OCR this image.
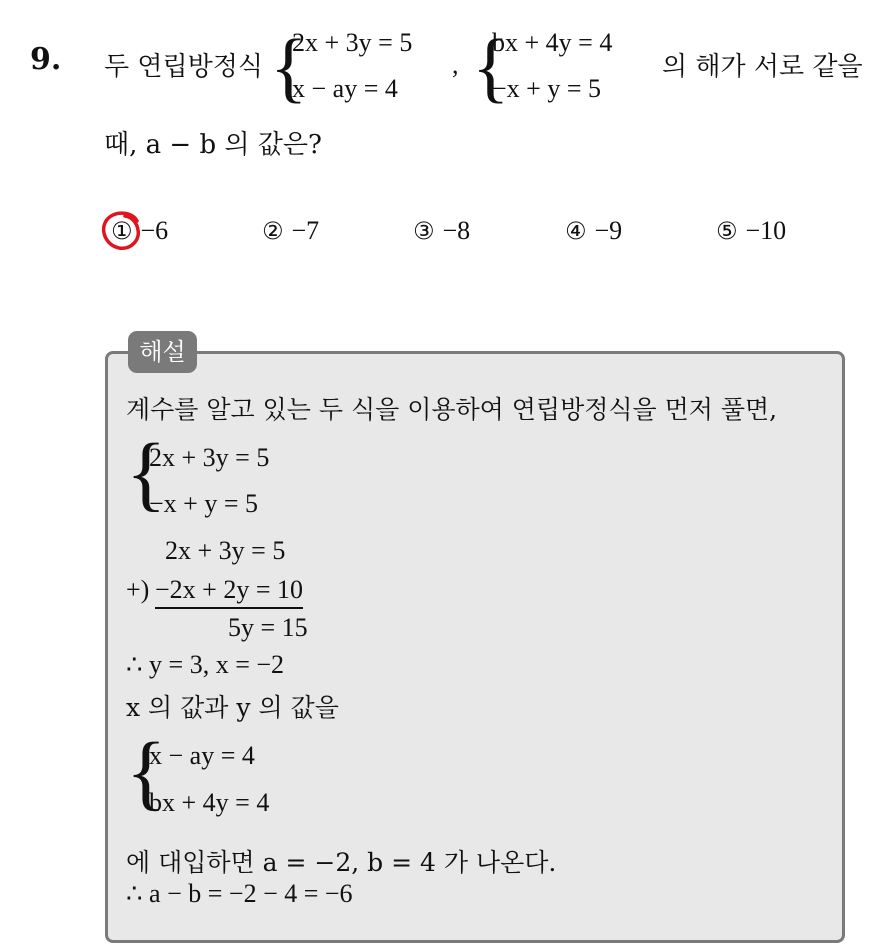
9. 두 연립방정식 {
2x + 3y = 5
x − ay = 4
, {
bx + 4y = 4
−x + y = 5
의 해가 서로 같을
때, a − b 의 값은?
① −6	② −7	③ −8	④ −9	⑤ −10
해설
계수를 알고 있는 두 식을 이용하여 연립방정식을 먼저 풀면,
{
2x + 3y = 5
−x + y = 5
2x + 3y = 5
+) −2x + 2y = 10
5y = 15
∴ y = 3, x = −2
x 의 값과 y 의 값을
{
x − ay = 4
bx + 4y = 4
에 대입하면 a = −2, b = 4 가 나온다.
∴ a − b = −2 − 4 = −6
